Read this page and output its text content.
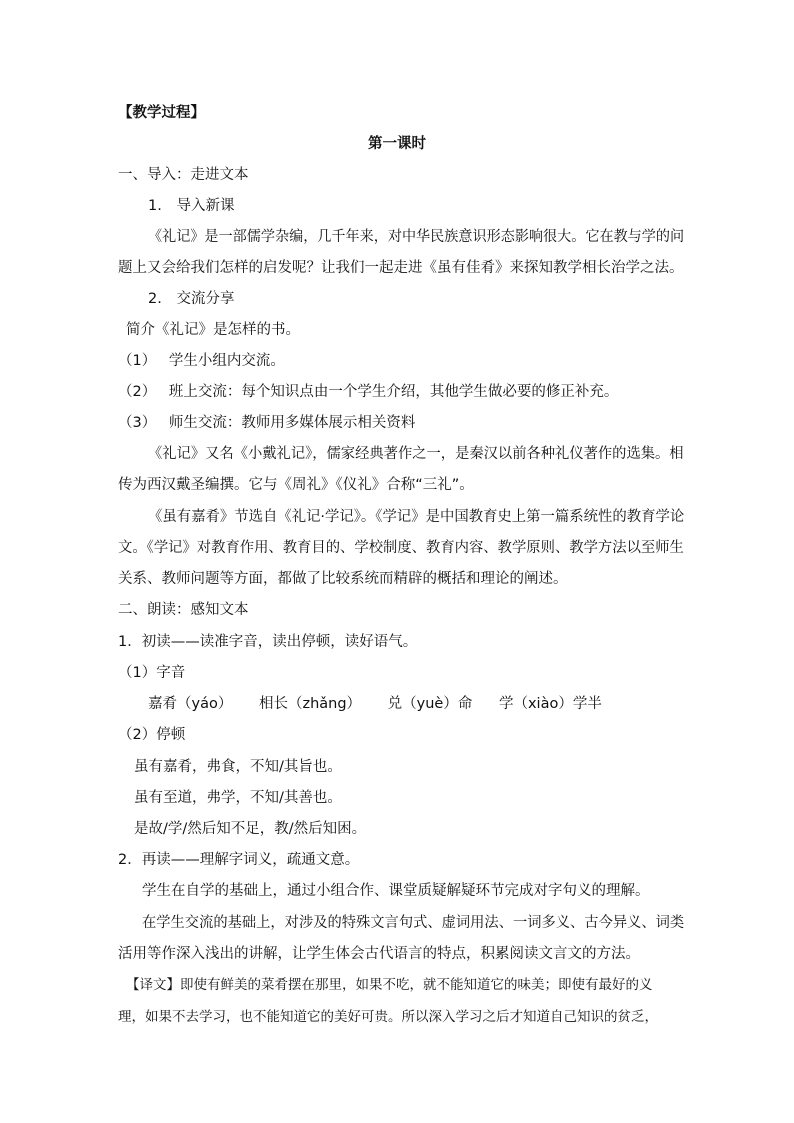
【教学过程】
第一课时
一、导入：走进文本
1. 导入新课
《礼记》是一部儒学杂编，几千年来，对中华民族意识形态影响很大。它在教与学的问
题上又会给我们怎样的启发呢？让我们一起走进《虽有佳肴》来探知教学相长治学之法。
2. 交流分享
简介《礼记》是怎样的书。
（1） 学生小组内交流。
（2） 班上交流：每个知识点由一个学生介绍，其他学生做必要的修正补充。
（3） 师生交流：教师用多媒体展示相关资料
《礼记》又名《小戴礼记》，儒家经典著作之一，是秦汉以前各种礼仪著作的选集。相
传为西汉戴圣编撰。它与《周礼》《仪礼》合称“三礼”。
《虽有嘉肴》节选自《礼记·学记》。《学记》是中国教育史上第一篇系统性的教育学论
文。《学记》对教育作用、教育目的、学校制度、教育内容、教学原则、教学方法以至师生
关系、教师问题等方面，都做了比较系统而精辟的概括和理论的阐述。
二、朗读：感知文本
1．初读——读准字音，读出停顿，读好语气。
（1）字音
嘉肴（yáo） 相长（zhǎng） 兑（yuè）命 学（xiào）学半
（2）停顿
虽有嘉肴，弗食，不知/其旨也。
虽有至道，弗学，不知/其善也。
是故/学/然后知不足，教/然后知困。
2．再读——理解字词义，疏通文意。
学生在自学的基础上，通过小组合作、课堂质疑解疑环节完成对字句义的理解。
在学生交流的基础上，对涉及的特殊文言句式、虚词用法、一词多义、古今异义、词类
活用等作深入浅出的讲解，让学生体会古代语言的特点，积累阅读文言文的方法。
【译文】即使有鲜美的菜肴摆在那里，如果不吃，就不能知道它的味美；即使有最好的义
理，如果不去学习，也不能知道它的美好可贵。所以深入学习之后才知道自己知识的贫乏，
